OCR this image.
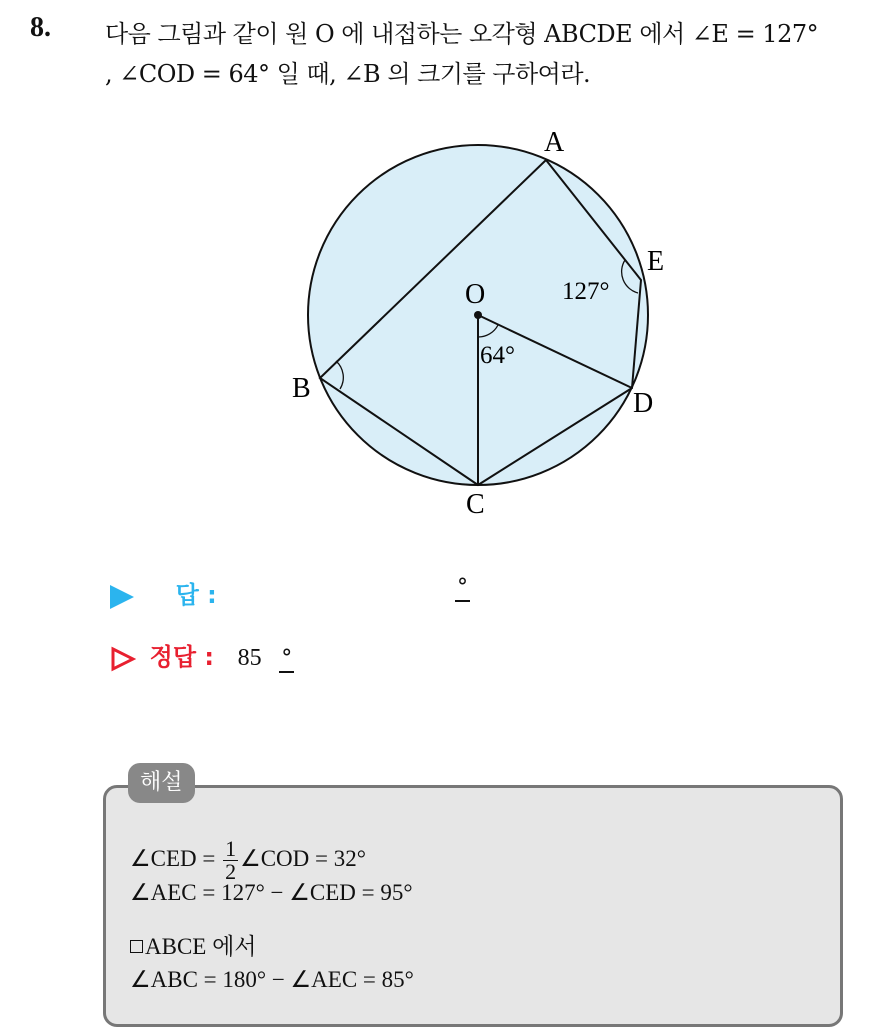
8. 다음 그림과 같이 원 O 에 내접하는 오각형 ABCDE 에서 ∠E = 127°
, ∠COD = 64° 일 때, ∠B 의 크기를 구하여라.
A
E
O
B	D
C
127°
64°
답 :	°
정답 : 85 °
해설
∠CED = $\frac{1}{2}$ ∠COD = 32°
∠AEC = 127° − ∠CED = 95°
ABCE 에서
∠ABC = 180° − ∠AEC = 85°
